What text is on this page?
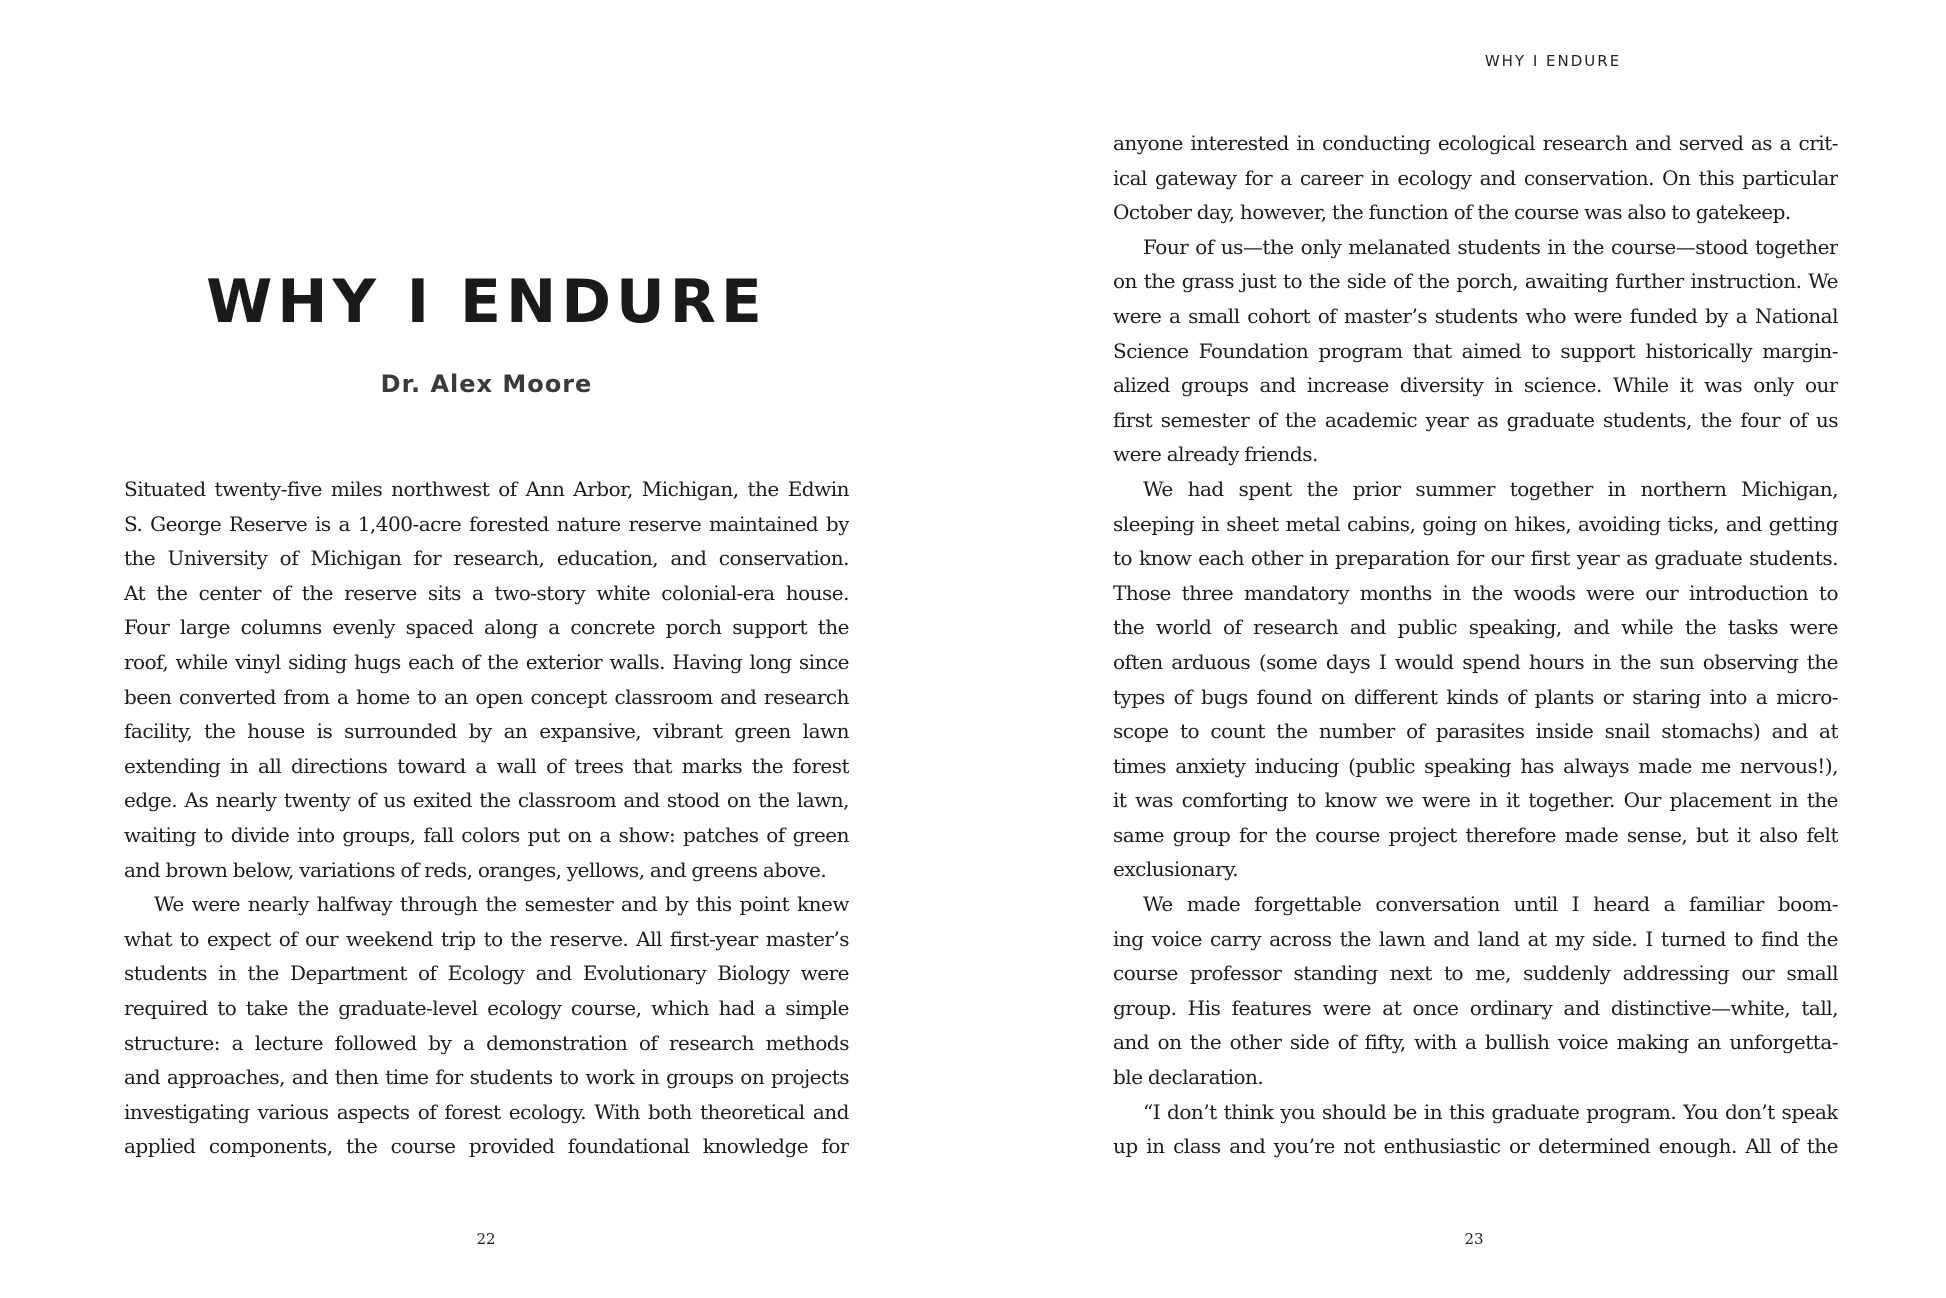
WHY I ENDURE
Dr. Alex Moore
Situated twenty-five miles northwest of Ann Arbor, Michigan, the Edwin
S. George Reserve is a 1,400-acre forested nature reserve maintained by
the University of Michigan for research, education, and conservation.
At the center of the reserve sits a two-story white colonial-era house.
Four large columns evenly spaced along a concrete porch support the
roof, while vinyl siding hugs each of the exterior walls. Having long since
been converted from a home to an open concept classroom and research
facility, the house is surrounded by an expansive, vibrant green lawn
extending in all directions toward a wall of trees that marks the forest
edge. As nearly twenty of us exited the classroom and stood on the lawn,
waiting to divide into groups, fall colors put on a show: patches of green
and brown below, variations of reds, oranges, yellows, and greens above.
We were nearly halfway through the semester and by this point knew
what to expect of our weekend trip to the reserve. All first-year master’s
students in the Department of Ecology and Evolutionary Biology were
required to take the graduate-level ecology course, which had a simple
structure: a lecture followed by a demonstration of research methods
and approaches, and then time for students to work in groups on projects
investigating various aspects of forest ecology. With both theoretical and
applied components, the course provided foundational knowledge for
22
WHY I ENDURE
anyone interested in conducting ecological research and served as a crit-
ical gateway for a career in ecology and conservation. On this particular
October day, however, the function of the course was also to gatekeep.
Four of us—the only melanated students in the course—stood together
on the grass just to the side of the porch, awaiting further instruction. We
were a small cohort of master’s students who were funded by a National
Science Foundation program that aimed to support historically margin-
alized groups and increase diversity in science. While it was only our
first semester of the academic year as graduate students, the four of us
were already friends.
We had spent the prior summer together in northern Michigan,
sleeping in sheet metal cabins, going on hikes, avoiding ticks, and getting
to know each other in preparation for our first year as graduate students.
Those three mandatory months in the woods were our introduction to
the world of research and public speaking, and while the tasks were
often arduous (some days I would spend hours in the sun observing the
types of bugs found on different kinds of plants or staring into a micro-
scope to count the number of parasites inside snail stomachs) and at
times anxiety inducing (public speaking has always made me nervous!),
it was comforting to know we were in it together. Our placement in the
same group for the course project therefore made sense, but it also felt
exclusionary.
We made forgettable conversation until I heard a familiar boom-
ing voice carry across the lawn and land at my side. I turned to find the
course professor standing next to me, suddenly addressing our small
group. His features were at once ordinary and distinctive—white, tall,
and on the other side of fifty, with a bullish voice making an unforgetta-
ble declaration.
“I don’t think you should be in this graduate program. You don’t speak
up in class and you’re not enthusiastic or determined enough. All of the
23
